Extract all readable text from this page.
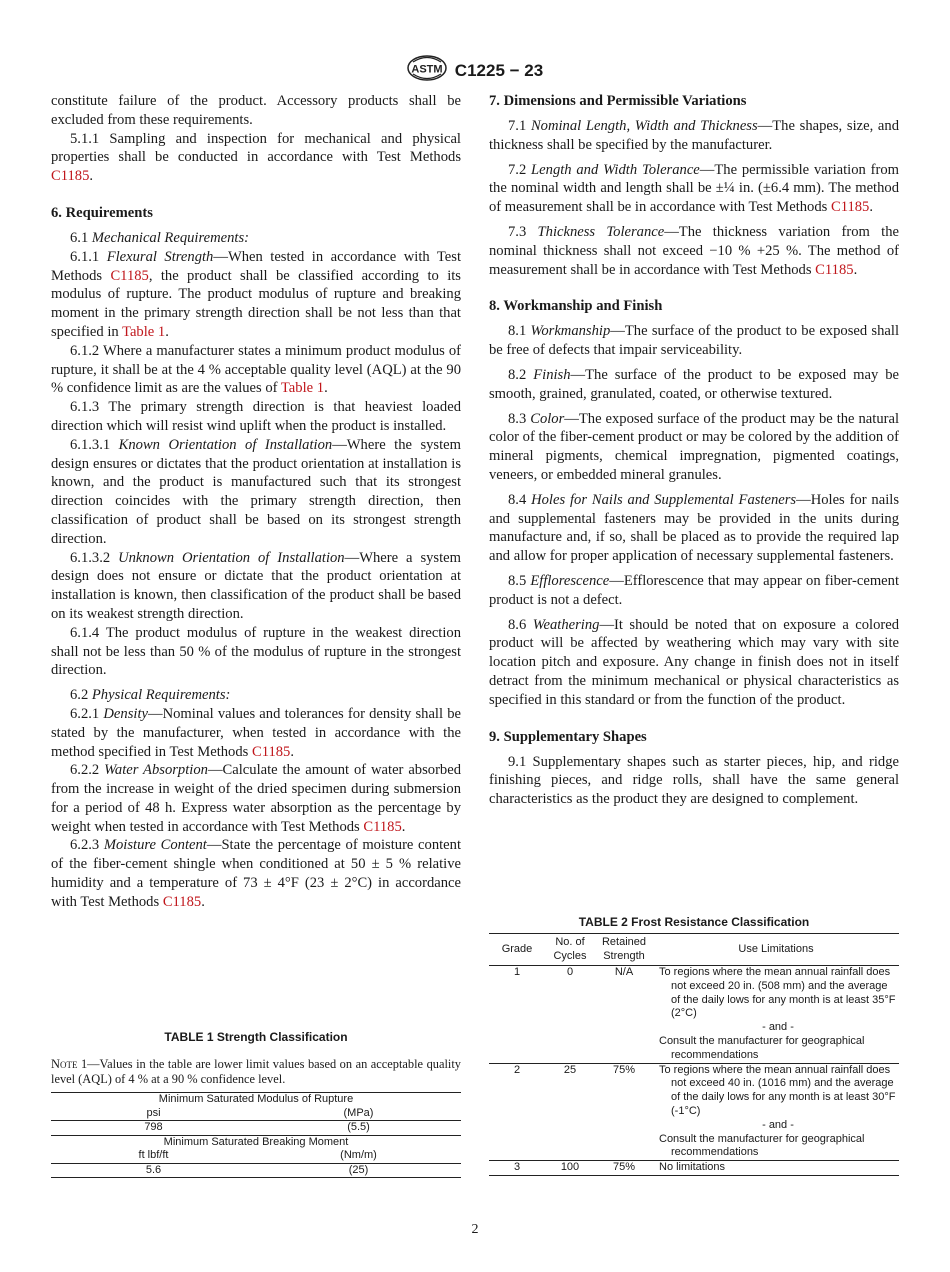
ASTM C1225 − 23

constitute failure of the product. Accessory products shall be excluded from these requirements.

5.1.1 Sampling and inspection for mechanical and physical properties shall be conducted in accordance with Test Methods C1185.

6. Requirements

6.1 Mechanical Requirements:

6.1.1 Flexural Strength—When tested in accordance with Test Methods C1185, the product shall be classified according to its modulus of rupture. The product modulus of rupture and breaking moment in the primary strength direction shall be not less than that specified in Table 1.

6.1.2 Where a manufacturer states a minimum product modulus of rupture, it shall be at the 4 % acceptable quality level (AQL) at the 90 % confidence limit as are the values of Table 1.

6.1.3 The primary strength direction is that heaviest loaded direction which will resist wind uplift when the product is installed.

6.1.3.1 Known Orientation of Installation—Where the system design ensures or dictates that the product orientation at installation is known, and the product is manufactured such that its strongest direction coincides with the primary strength direction, then classification of product shall be based on its strongest strength direction.

6.1.3.2 Unknown Orientation of Installation—Where a system design does not ensure or dictate that the product orientation at installation is known, then classification of the product shall be based on its weakest strength direction.

6.1.4 The product modulus of rupture in the weakest direction shall not be less than 50 % of the modulus of rupture in the strongest direction.

6.2 Physical Requirements:

6.2.1 Density—Nominal values and tolerances for density shall be stated by the manufacturer, when tested in accordance with the method specified in Test Methods C1185.

6.2.2 Water Absorption—Calculate the amount of water absorbed from the increase in weight of the dried specimen during submersion for a period of 48 h. Express water absorption as the percentage by weight when tested in accordance with Test Methods C1185.

6.2.3 Moisture Content—State the percentage of moisture content of the fiber-cement shingle when conditioned at 50 ± 5 % relative humidity and a temperature of 73 ± 4°F (23 ± 2°C) in accordance with Test Methods C1185.

TABLE 1 Strength Classification
Note 1—Values in the table are lower limit values based on an acceptable quality level (AQL) of 4 % at a 90 % confidence level.
Minimum Saturated Modulus of Rupture	
psi	(MPa)
798	(5.5)
Minimum Saturated Breaking Moment	
ft lbf/ft	(Nm/m)
5.6	(25)
7. Dimensions and Permissible Variations

7.1 Nominal Length, Width and Thickness—The shapes, size, and thickness shall be specified by the manufacturer.

7.2 Length and Width Tolerance—The permissible variation from the nominal width and length shall be ±¼ in. (±6.4 mm). The method of measurement shall be in accordance with Test Methods C1185.

7.3 Thickness Tolerance—The thickness variation from the nominal thickness shall not exceed −10 % +25 %. The method of measurement shall be in accordance with Test Methods C1185.

8. Workmanship and Finish

8.1 Workmanship—The surface of the product to be exposed shall be free of defects that impair serviceability.

8.2 Finish—The surface of the product to be exposed may be smooth, grained, granulated, coated, or otherwise textured.

8.3 Color—The exposed surface of the product may be the natural color of the fiber-cement product or may be colored by the addition of mineral pigments, chemical impregnation, pigmented coatings, veneers, or embedded mineral granules.

8.4 Holes for Nails and Supplemental Fasteners—Holes for nails and supplemental fasteners may be provided in the units during manufacture and, if so, shall be placed as to provide the required lap and allow for proper application of necessary supplemental fasteners.

8.5 Efflorescence—Efflorescence that may appear on fiber-cement product is not a defect.

8.6 Weathering—It should be noted that on exposure a colored product will be affected by weathering which may vary with site location pitch and exposure. Any change in finish does not in itself detract from the minimum mechanical or physical characteristics as specified in this standard or from the function of the product.

9. Supplementary Shapes

9.1 Supplementary shapes such as starter pieces, hip, and ridge finishing pieces, and ridge rolls, shall have the same general characteristics as the product they are designed to complement.

TABLE 2 Frost Resistance Classification
Grade	No. of Cycles	Retained Strength	Use Limitations
1	0	N/A	To regions where the mean annual rainfall does not exceed 20 in. (508 mm) and the average of the daily lows for any month is at least 35°F (2°C)
- and -
Consult the manufacturer for geographical
recommendations

2	25	75%	To regions where the mean annual rainfall does not exceed 40 in. (1016 mm) and the average of the daily lows for any month is at least 30°F (-1°C)
- and -
Consult the manufacturer for geographical
recommendations

3	100	75%	No limitations
2
